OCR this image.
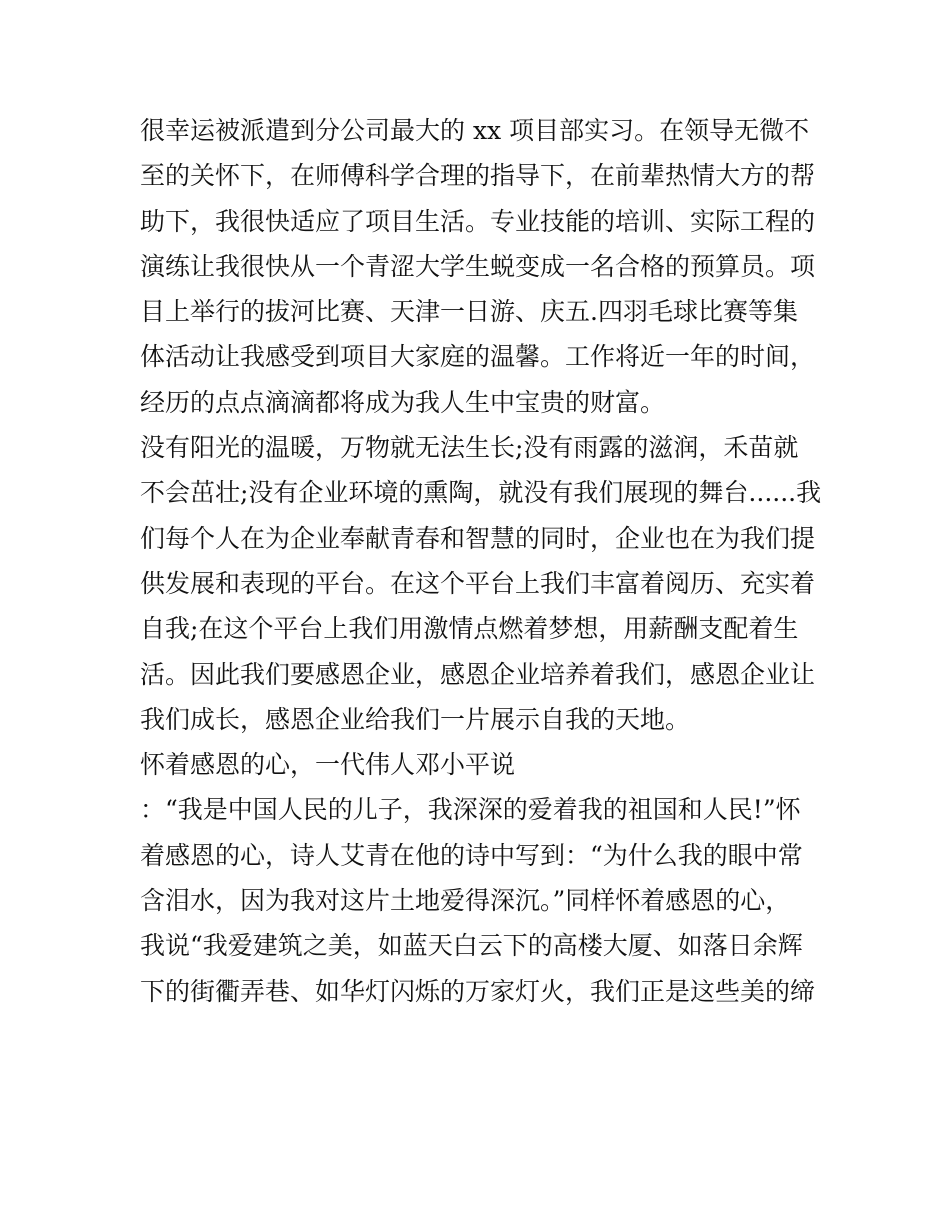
很幸运被派遣到分公司最大的 xx 项目部实习。在领导无微不
至的关怀下，在师傅科学合理的指导下，在前辈热情大方的帮
助下，我很快适应了项目生活。专业技能的培训、实际工程的
演练让我很快从一个青涩大学生蜕变成一名合格的预算员。项
目上举行的拔河比赛、天津一日游、庆五.四羽毛球比赛等集
体活动让我感受到项目大家庭的温馨。工作将近一年的时间，
经历的点点滴滴都将成为我人生中宝贵的财富。
没有阳光的温暖，万物就无法生长;没有雨露的滋润，禾苗就
不会茁壮;没有企业环境的熏陶，就没有我们展现的舞台......我
们每个人在为企业奉献青春和智慧的同时，企业也在为我们提
供发展和表现的平台。在这个平台上我们丰富着阅历、充实着
自我;在这个平台上我们用激情点燃着梦想，用薪酬支配着生
活。因此我们要感恩企业，感恩企业培养着我们，感恩企业让
我们成长，感恩企业给我们一片展示自我的天地。
怀着感恩的心，一代伟人邓小平说
：“我是中国人民的儿子，我深深的爱着我的祖国和人民!”怀
着感恩的心，诗人艾青在他的诗中写到：“为什么我的眼中常
含泪水，因为我对这片土地爱得深沉。”同样怀着感恩的心，
我说“我爱建筑之美，如蓝天白云下的高楼大厦、如落日余辉
下的街衢弄巷、如华灯闪烁的万家灯火，我们正是这些美的缔
